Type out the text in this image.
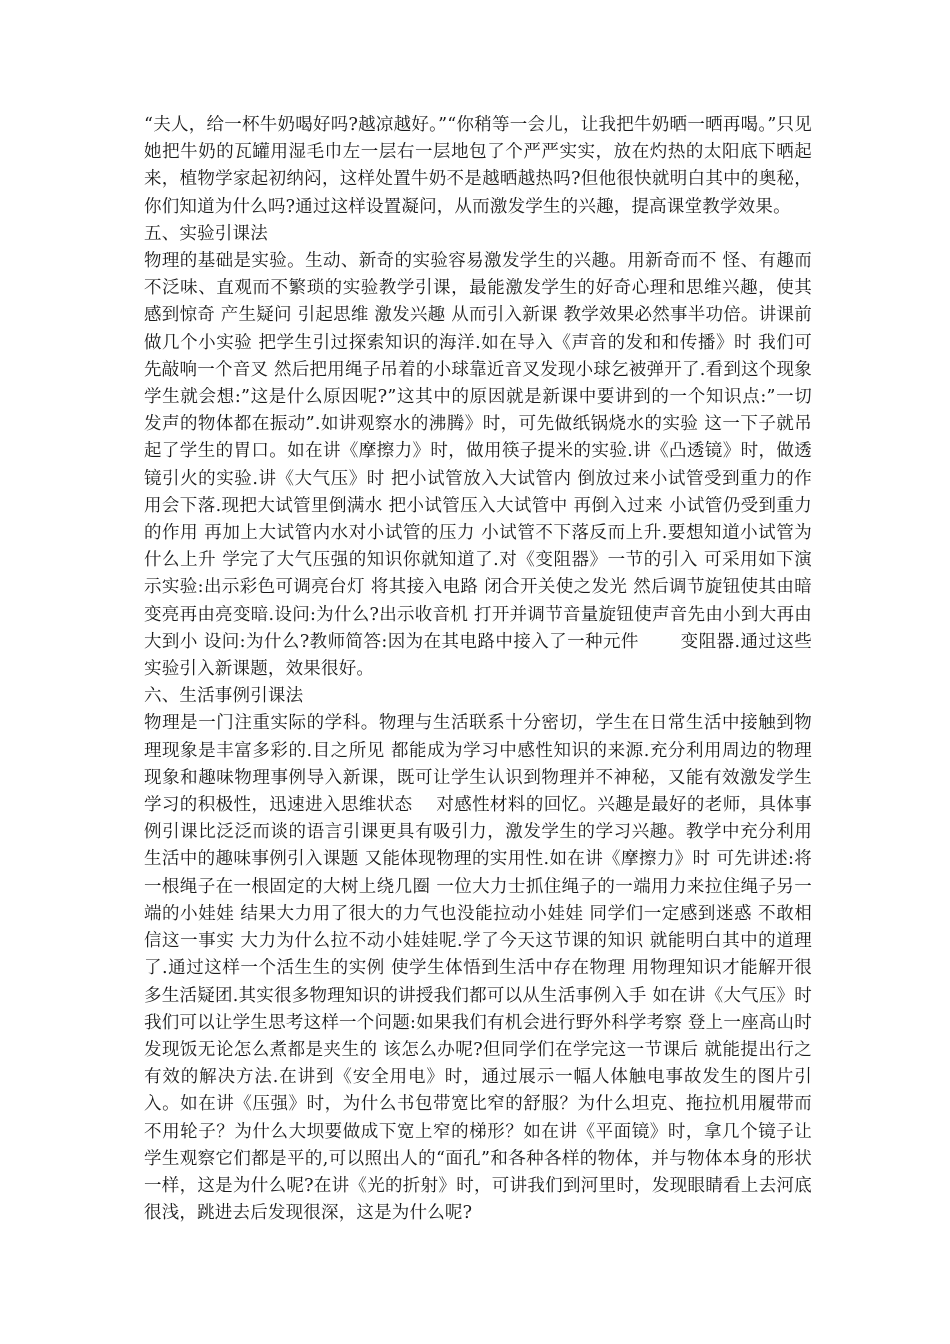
“夫人，给一杯牛奶喝好吗?越凉越好。”“你稍等一会儿，让我把牛奶晒一晒再喝。”只见她把牛奶的瓦罐用湿毛巾左一层右一层地包了个严严实实，放在灼热的太阳底下晒起来，植物学家起初纳闷，这样处置牛奶不是越晒越热吗?但他很快就明白其中的奥秘，你们知道为什么吗?通过这样设置凝问，从而激发学生的兴趣，提高课堂教学效果。

五、实验引课法

物理的基础是实验。生动、新奇的实验容易激发学生的兴趣。用新奇而不 怪、有趣而不泛味、直观而不繁琐的实验教学引课，最能激发学生的好奇心理和思维兴趣，使其感到惊奇 产生疑问 引起思维 激发兴趣 从而引入新课 教学效果必然事半功倍。讲课前做几个小实验 把学生引过探索知识的海洋.如在导入《声音的发和和传播》时 我们可先敲响一个音叉 然后把用绳子吊着的小球靠近音叉发现小球乞被弹开了.看到这个现象 学生就会想:”这是什么原因呢?”这其中的原因就是新课中要讲到的一个知识点:”一切发声的物体都在振动”.如讲观察水的沸腾》时，可先做纸锅烧水的实验 这一下子就吊起了学生的胃口。如在讲《摩擦力》时，做用筷子提米的实验.讲《凸透镜》时，做透镜引火的实验.讲《大气压》时 把小试管放入大试管内 倒放过来小试管受到重力的作用会下落.现把大试管里倒满水 把小试管压入大试管中 再倒入过来 小试管仍受到重力的作用 再加上大试管内水对小试管的压力 小试管不下落反而上升.要想知道小试管为什么上升 学完了大气压强的知识你就知道了.对《变阻器》一节的引入 可采用如下演示实验:出示彩色可调亮台灯 将其接入电路 闭合开关使之发光 然后调节旋钮使其由暗变亮再由亮变暗.设问:为什么?出示收音机 打开并调节音量旋钮使声音先由小到大再由大到小 设问:为什么?教师简答:因为在其电路中接入了一种元件 　　变阻器.通过这些实验引入新课题，效果很好。

六、生活事例引课法

物理是一门注重实际的学科。物理与生活联系十分密切，学生在日常生活中接触到物理现象是丰富多彩的.目之所见 都能成为学习中感性知识的来源.充分利用周边的物理现象和趣味物理事例导入新课，既可让学生认识到物理并不神秘，又能有效激发学生学习的积极性，迅速进入思维状态 　对感性材料的回忆。兴趣是最好的老师，具体事例引课比泛泛而谈的语言引课更具有吸引力，激发学生的学习兴趣。教学中充分利用生活中的趣味事例引入课题 又能体现物理的实用性.如在讲《摩擦力》时 可先讲述:将一根绳子在一根固定的大树上绕几圈 一位大力士抓住绳子的一端用力来拉住绳子另一端的小娃娃 结果大力用了很大的力气也没能拉动小娃娃 同学们一定感到迷惑 不敢相信这一事实 大力为什么拉不动小娃娃呢.学了今天这节课的知识 就能明白其中的道理了.通过这样一个活生生的实例 使学生体悟到生活中存在物理 用物理知识才能解开很多生活疑团.其实很多物理知识的讲授我们都可以从生活事例入手 如在讲《大气压》时 我们可以让学生思考这样一个问题:如果我们有机会进行野外科学考察 登上一座高山时发现饭无论怎么煮都是夹生的 该怎么办呢?但同学们在学完这一节课后 就能提出行之有效的解决方法.在讲到《安全用电》时，通过展示一幅人体触电事故发生的图片引入。如在讲《压强》时，为什么书包带宽比窄的舒服？为什么坦克、拖拉机用履带而不用轮子？为什么大坝要做成下宽上窄的梯形？如在讲《平面镜》时，拿几个镜子让学生观察它们都是平的,可以照出人的“面孔”和各种各样的物体，并与物体本身的形状一样，这是为什么呢?在讲《光的折射》时，可讲我们到河里时，发现眼睛看上去河底很浅，跳进去后发现很深，这是为什么呢?
